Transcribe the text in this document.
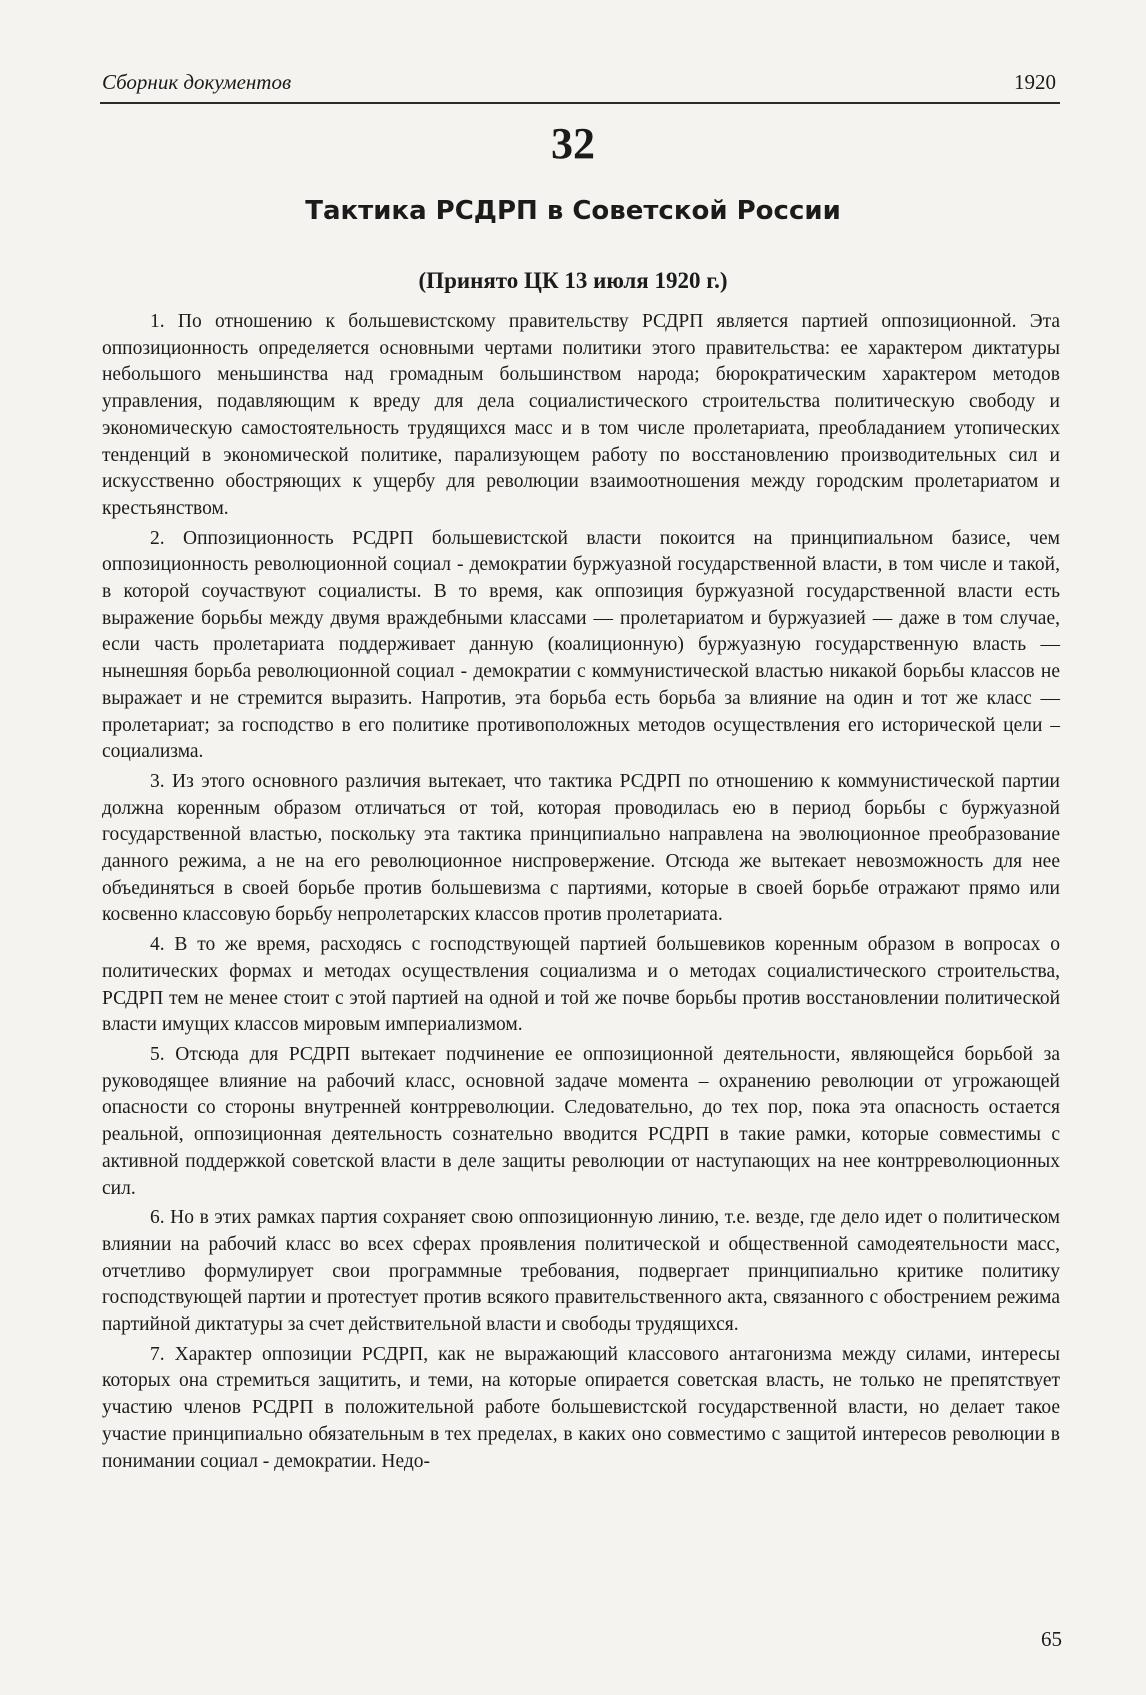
Сборник документов	1920
32
Тактика РСДРП в Советской России
(Принято ЦК 13 июля 1920 г.)

1. По отношению к большевистскому правительству РСДРП является партией оппозиционной. Эта оппозиционность определяется основными чертами политики этого правительства: ее характером диктатуры небольшого меньшинства над громадным большинством народа; бюрократическим характером методов управления, подавляющим к вреду для дела социалистического строительства политическую свободу и экономическую самостоятельность трудящихся масс и в том числе пролетариата, преобладанием утопических тенденций в экономической политике, парализующем работу по восстановлению производительных сил и искусственно обостряющих к ущербу для революции взаимоотношения между городским пролетариатом и крестьянством.

2. Оппозиционность РСДРП большевистской власти покоится на принципиальном базисе, чем оппозиционность революционной социал - демократии буржуазной государственной власти, в том числе и такой, в которой соучаствуют социалисты. В то время, как оппозиция буржуазной государственной власти есть выражение борьбы между двумя враждебными классами — пролетариатом и буржуазией — даже в том случае, если часть пролетариата поддерживает данную (коалиционную) буржуазную государственную власть — нынешняя борьба революционной социал - демократии с коммунистической властью никакой борьбы классов не выражает и не стремится выразить. Напротив, эта борьба есть борьба за влияние на один и тот же класс — пролетариат; за господство в его политике противоположных методов осуществления его исторической цели – социализма.

3. Из этого основного различия вытекает, что тактика РСДРП по отношению к коммунистической партии должна коренным образом отличаться от той, которая проводилась ею в период борьбы с буржуазной государственной властью, поскольку эта тактика принципиально направлена на эволюционное преобразование данного режима, а не на его революционное ниспровержение. Отсюда же вытекает невозможность для нее объединяться в своей борьбе против большевизма с партиями, которые в своей борьбе отражают прямо или косвенно классовую борьбу непролетарских классов против пролетариата.

4. В то же время, расходясь с господствующей партией большевиков коренным образом в вопросах о политических формах и методах осуществления социализма и о методах социалистического строительства, РСДРП тем не менее стоит с этой партией на одной и той же почве борьбы против восстановлении политической власти имущих классов мировым империализмом.

5. Отсюда для РСДРП вытекает подчинение ее оппозиционной деятельности, являющейся борьбой за руководящее влияние на рабочий класс, основной задаче момента – охранению революции от угрожающей опасности со стороны внутренней контрреволюции. Следовательно, до тех пор, пока эта опасность остается реальной, оппозиционная деятельность сознательно вводится РСДРП в такие рамки, которые совместимы с активной поддержкой советской власти в деле защиты революции от наступающих на нее контрреволюционных сил.

6. Но в этих рамках партия сохраняет свою оппозиционную линию, т.е. везде, где дело идет о политическом влиянии на рабочий класс во всех сферах проявления политической и общественной самодеятельности масс, отчетливо формулирует свои программные требования, подвергает принципиально критике политику господствующей партии и протестует против всякого правительственного акта, связанного с обострением режима партийной диктатуры за счет действительной власти и свободы трудящихся.

7. Характер оппозиции РСДРП, как не выражающий классового антагонизма между силами, интересы которых она стремиться защитить, и теми, на которые опирается советская власть, не только не препятствует участию членов РСДРП в положительной работе большевистской государственной власти, но делает такое участие принципиально обязательным в тех пределах, в каких оно совместимо с защитой интересов революции в понимании социал - демократии. Недо-

65
